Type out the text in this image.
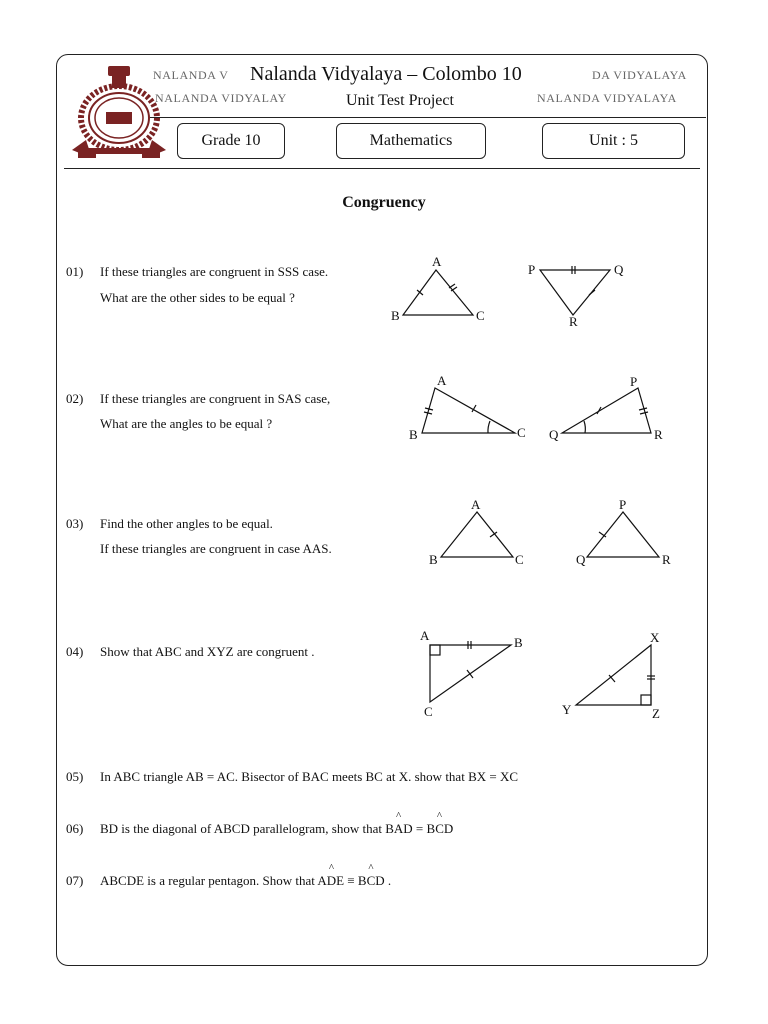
NALANDA V
NALANDA VIDYALAY
DA VIDYALAYA
NALANDA VIDYALAYA
Nalanda Vidyalaya – Colombo 10
Unit Test Project
Grade 10	Mathematics	Unit : 5
Congruency
01) If these triangles are congruent in SSS case.
What are the other sides to be equal ?
02) If these triangles are congruent in SAS case,
What are the angles to be equal ?
03) Find the other angles to be equal.
If these triangles are congruent in case AAS.
04) Show that ABC and XYZ are congruent .
05) In ABC triangle AB = AC. Bisector of BAC meets BC at X. show that BX = XC
06) BD is the diagonal of ABCD parallelogram, show that B
^
AD = B
^
CD
07) ABCDE is a regular pentagon. Show that A
^
DE ≡ B
^
CD .
A
B	C
P	Q
R
A
B	C
P
Q	R
A
B	C
P
Q	R
A	B
C
X
Y	Z
